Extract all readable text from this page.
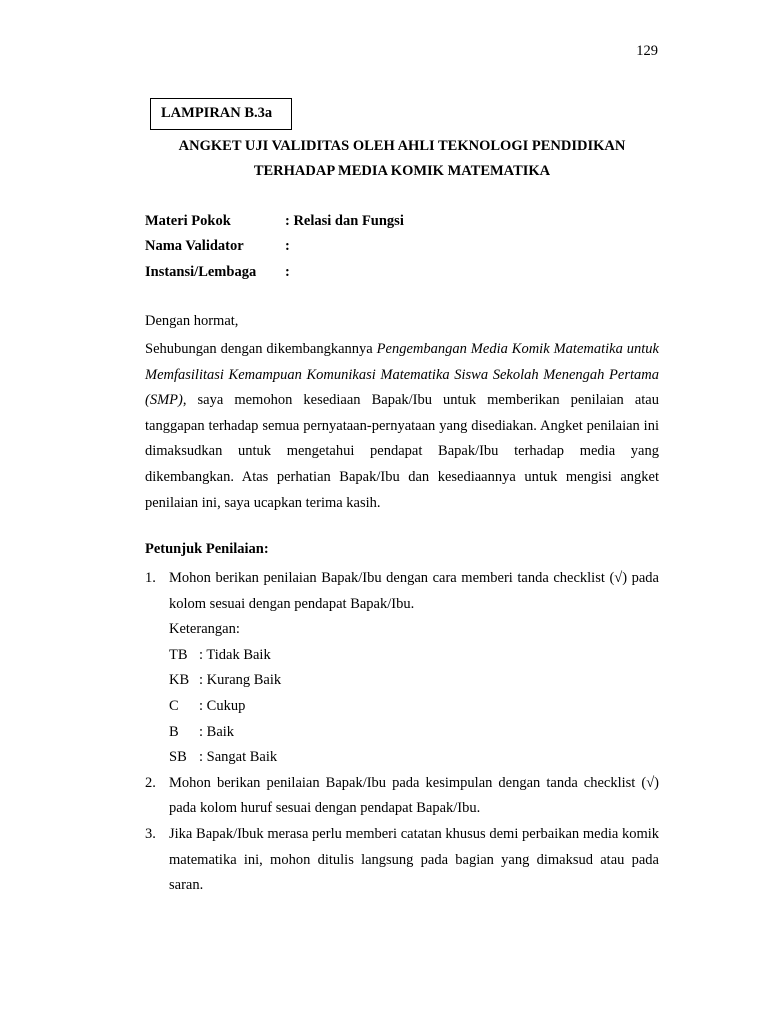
129
LAMPIRAN B.3a
ANGKET UJI VALIDITAS OLEH AHLI TEKNOLOGI PENDIDIKAN
TERHADAP MEDIA KOMIK MATEMATIKA
Materi Pokok	: Relasi dan Fungsi
Nama Validator	:
Instansi/Lembaga	:
Dengan hormat,
Sehubungan dengan dikembangkannya Pengembangan Media Komik Matematika untuk Memfasilitasi Kemampuan Komunikasi Matematika Siswa Sekolah Menengah Pertama (SMP), saya memohon kesediaan Bapak/Ibu untuk memberikan penilaian atau tanggapan terhadap semua pernyataan-pernyataan yang disediakan. Angket penilaian ini dimaksudkan untuk mengetahui pendapat Bapak/Ibu terhadap media yang dikembangkan. Atas perhatian Bapak/Ibu dan kesediaannya untuk mengisi angket penilaian ini, saya ucapkan terima kasih.
Petunjuk Penilaian:
1. Mohon berikan penilaian Bapak/Ibu dengan cara memberi tanda checklist (√) pada kolom sesuai dengan pendapat Bapak/Ibu.
Keterangan:
TB : Tidak Baik
KB : Kurang Baik
C : Cukup
B : Baik
SB : Sangat Baik
2. Mohon berikan penilaian Bapak/Ibu pada kesimpulan dengan tanda checklist (√) pada kolom huruf sesuai dengan pendapat Bapak/Ibu.
3. Jika Bapak/Ibuk merasa perlu memberi catatan khusus demi perbaikan media komik matematika ini, mohon ditulis langsung pada bagian yang dimaksud atau pada saran.
